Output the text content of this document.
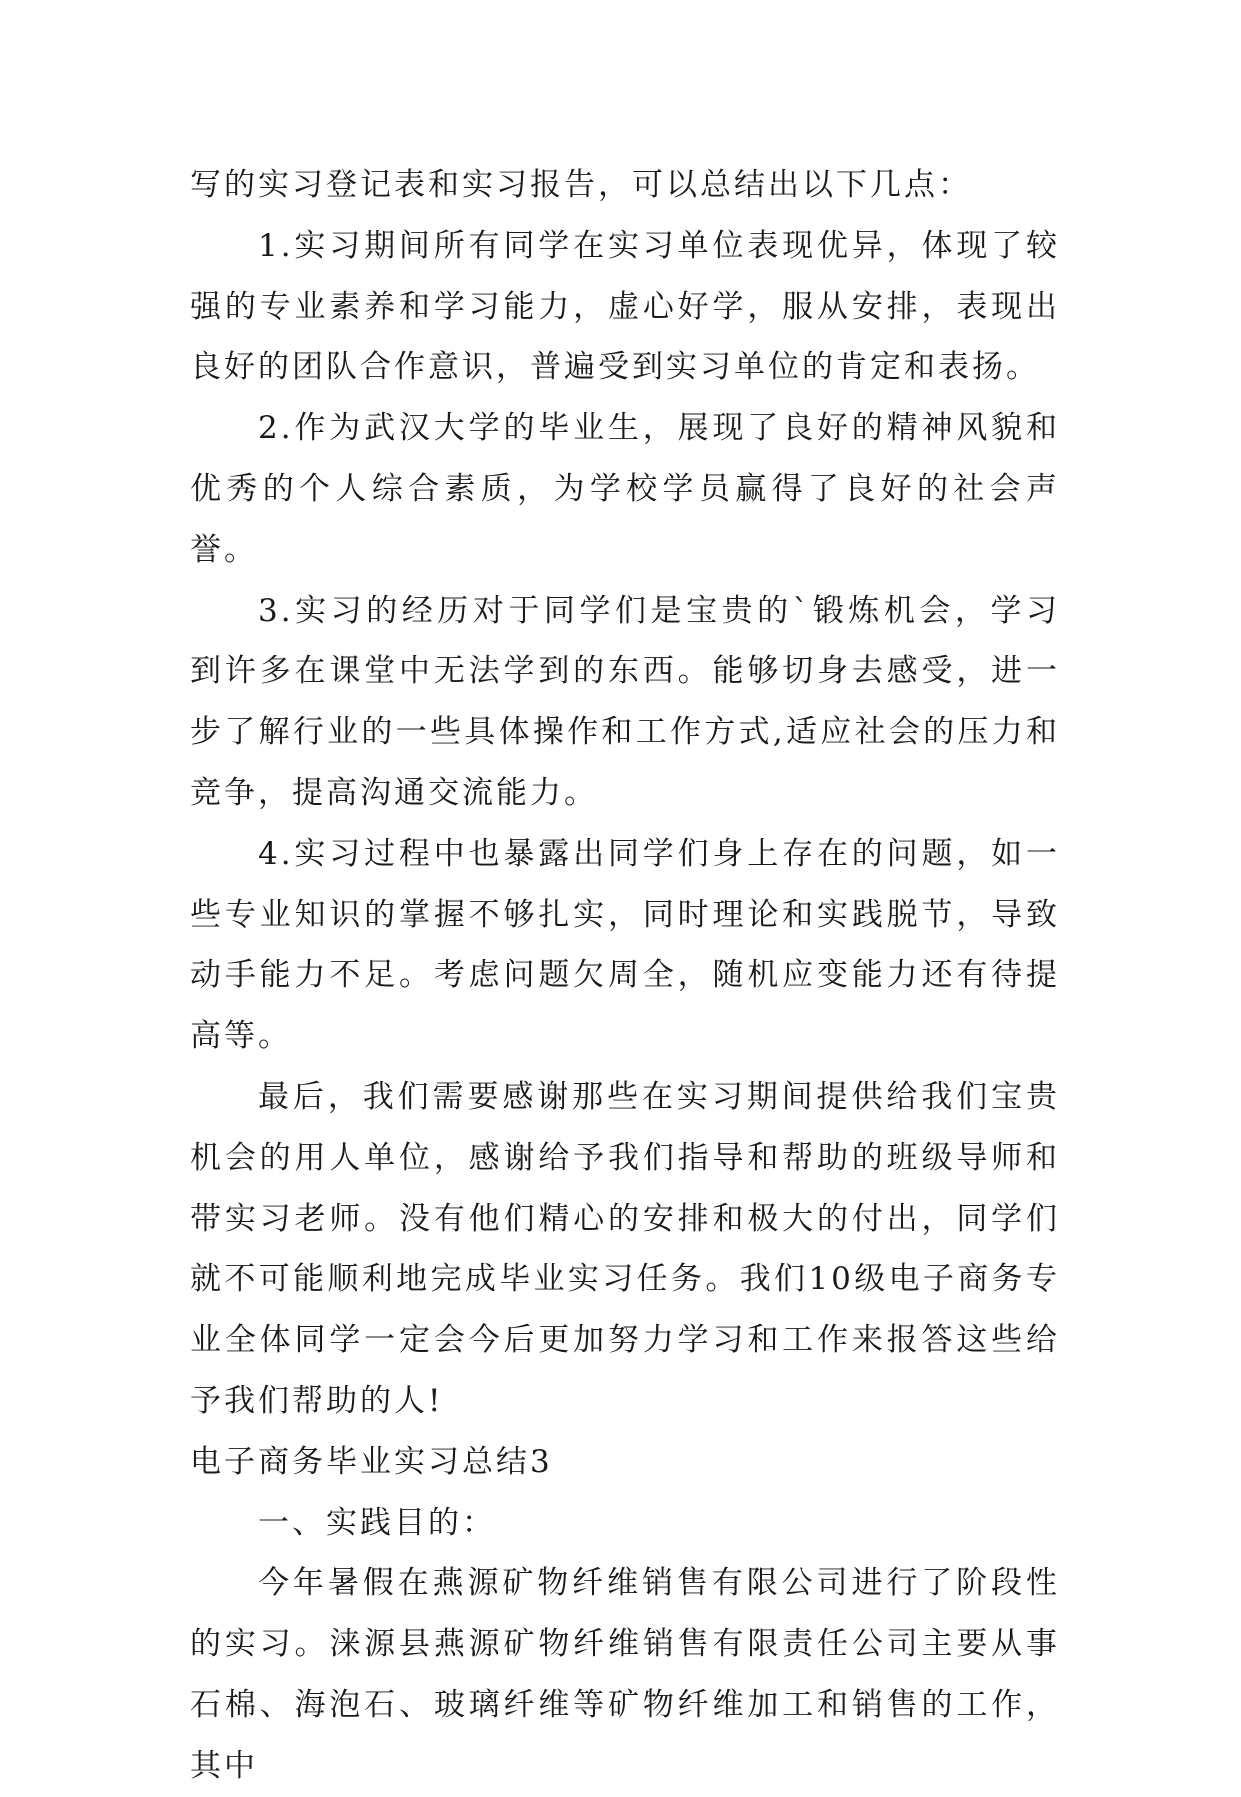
写的实习登记表和实习报告，可以总结出以下几点：

1.实习期间所有同学在实习单位表现优异，体现了较强的专业素养和学习能力，虚心好学，服从安排，表现出良好的团队合作意识，普遍受到实习单位的肯定和表扬。

2.作为武汉大学的毕业生，展现了良好的精神风貌和优秀的个人综合素质，为学校学员赢得了良好的社会声誉。

3.实习的经历对于同学们是宝贵的`锻炼机会，学习到许多在课堂中无法学到的东西。能够切身去感受，进一步了解行业的一些具体操作和工作方式,适应社会的压力和竞争，提高沟通交流能力。

4.实习过程中也暴露出同学们身上存在的问题，如一些专业知识的掌握不够扎实，同时理论和实践脱节，导致动手能力不足。考虑问题欠周全，随机应变能力还有待提高等。

最后，我们需要感谢那些在实习期间提供给我们宝贵机会的用人单位，感谢给予我们指导和帮助的班级导师和带实习老师。没有他们精心的安排和极大的付出，同学们就不可能顺利地完成毕业实习任务。我们10级电子商务专业全体同学一定会今后更加努力学习和工作来报答这些给予我们帮助的人!

电子商务毕业实习总结3

一、实践目的：

今年暑假在燕源矿物纤维销售有限公司进行了阶段性的实习。涞源县燕源矿物纤维销售有限责任公司主要从事石棉、海泡石、玻璃纤维等矿物纤维加工和销售的工作，其中
